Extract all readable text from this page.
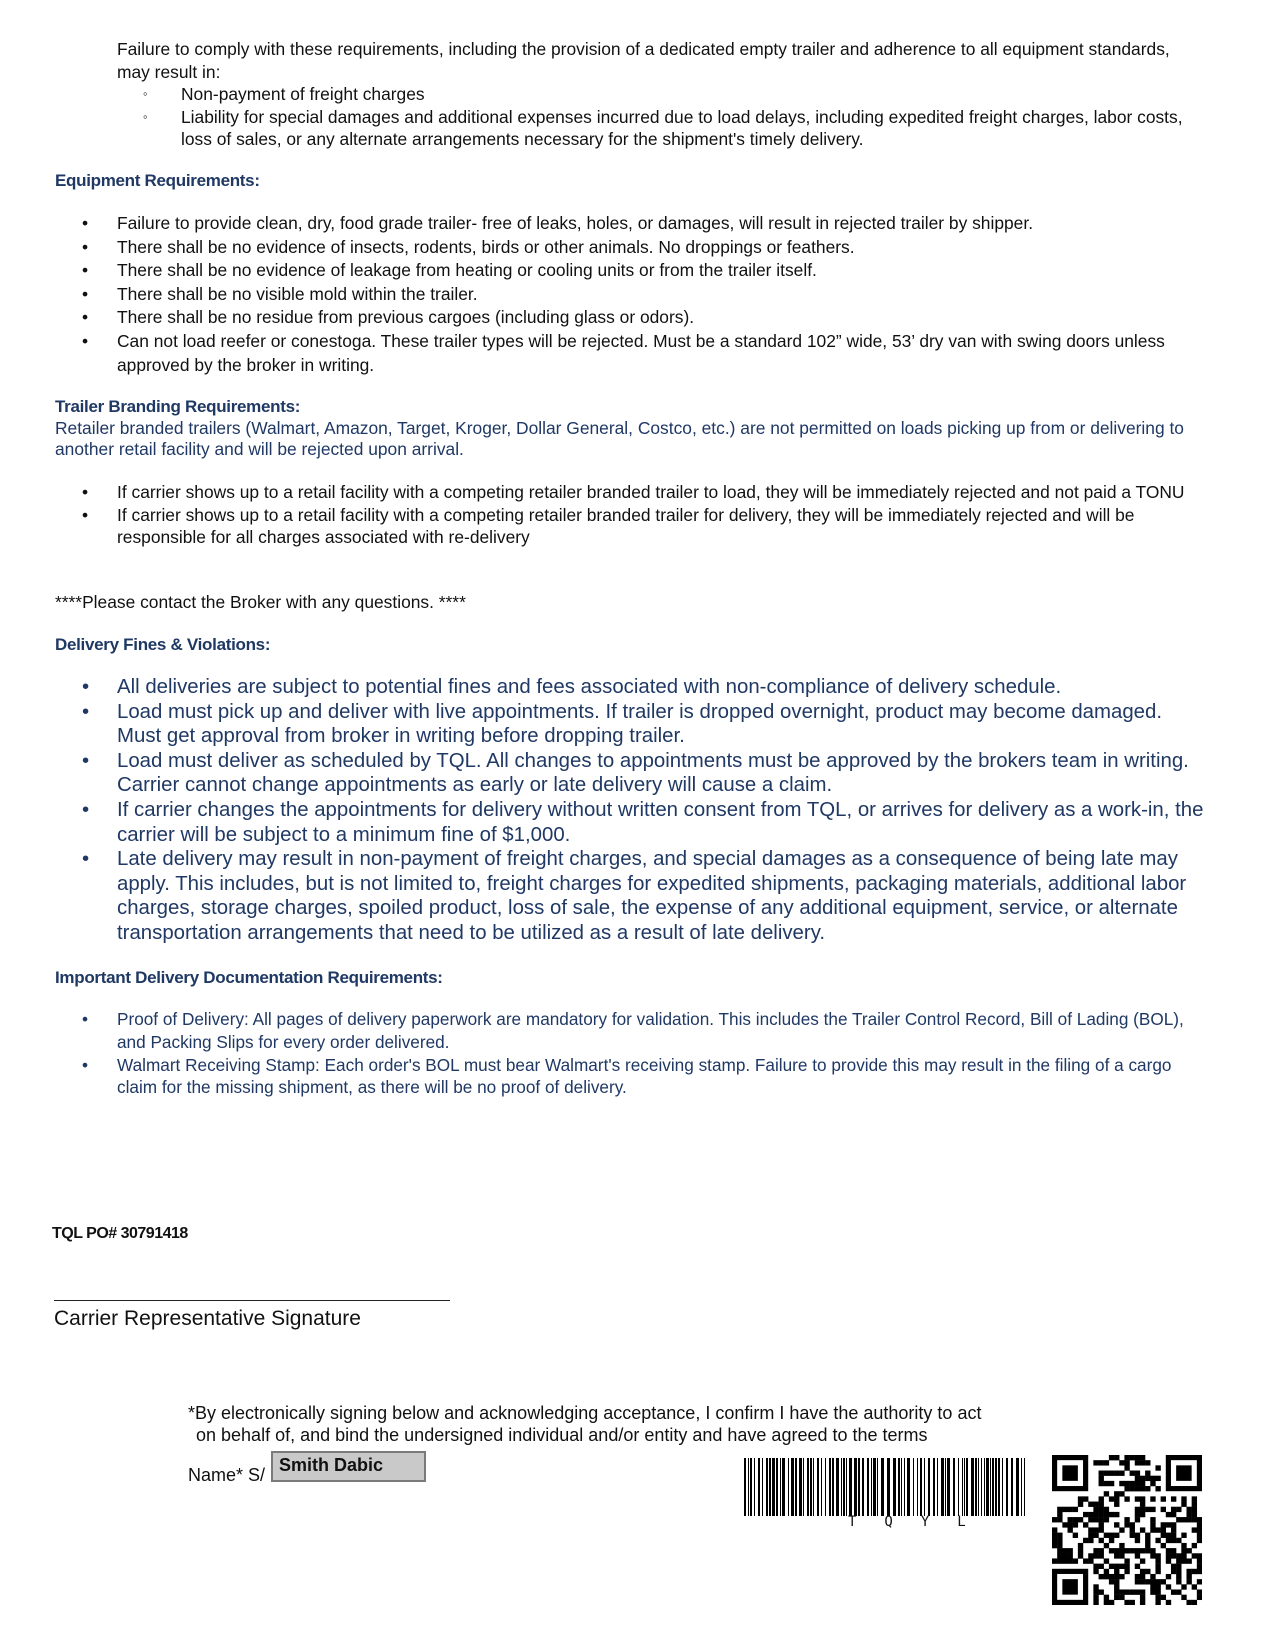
Failure to comply with these requirements, including the provision of a dedicated empty trailer and adherence to all equipment standards, may result in:
◦ Non-payment of freight charges
◦ Liability for special damages and additional expenses incurred due to load delays, including expedited freight charges, labor costs, loss of sales, or any alternate arrangements necessary for the shipment's timely delivery.
Equipment Requirements:
• Failure to provide clean, dry, food grade trailer- free of leaks, holes, or damages, will result in rejected trailer by shipper.
• There shall be no evidence of insects, rodents, birds or other animals. No droppings or feathers.
• There shall be no evidence of leakage from heating or cooling units or from the trailer itself.
• There shall be no visible mold within the trailer.
• There shall be no residue from previous cargoes (including glass or odors).
• Can not load reefer or conestoga. These trailer types will be rejected. Must be a standard 102” wide, 53’ dry van with swing doors unless approved by the broker in writing.
Trailer Branding Requirements:
Retailer branded trailers (Walmart, Amazon, Target, Kroger, Dollar General, Costco, etc.) are not permitted on loads picking up from or delivering to another retail facility and will be rejected upon arrival.
• If carrier shows up to a retail facility with a competing retailer branded trailer to load, they will be immediately rejected and not paid a TONU
• If carrier shows up to a retail facility with a competing retailer branded trailer for delivery, they will be immediately rejected and will be responsible for all charges associated with re-delivery
****Please contact the Broker with any questions. ****
Delivery Fines & Violations:
• All deliveries are subject to potential fines and fees associated with non-compliance of delivery schedule.
• Load must pick up and deliver with live appointments. If trailer is dropped overnight, product may become damaged. Must get approval from broker in writing before dropping trailer.
• Load must deliver as scheduled by TQL. All changes to appointments must be approved by the brokers team in writing. Carrier cannot change appointments as early or late delivery will cause a claim.
• If carrier changes the appointments for delivery without written consent from TQL, or arrives for delivery as a work-in, the carrier will be subject to a minimum fine of $1,000.
• Late delivery may result in non-payment of freight charges, and special damages as a consequence of being late may apply. This includes, but is not limited to, freight charges for expedited shipments, packaging materials, additional labor charges, storage charges, spoiled product, loss of sale, the expense of any additional equipment, service, or alternate transportation arrangements that need to be utilized as a result of late delivery.
Important Delivery Documentation Requirements:
• Proof of Delivery: All pages of delivery paperwork are mandatory for validation. This includes the Trailer Control Record, Bill of Lading (BOL), and Packing Slips for every order delivered.
• Walmart Receiving Stamp: Each order's BOL must bear Walmart's receiving stamp. Failure to provide this may result in the filing of a cargo claim for the missing shipment, as there will be no proof of delivery.
TQL PO# 30791418
Carrier Representative Signature
*By electronically signing below and acknowledging acceptance, I confirm I have the authority to act
on behalf of, and bind the undersigned individual and/or entity and have agreed to the terms
Name* S/ Smith Dabic
TQYL
